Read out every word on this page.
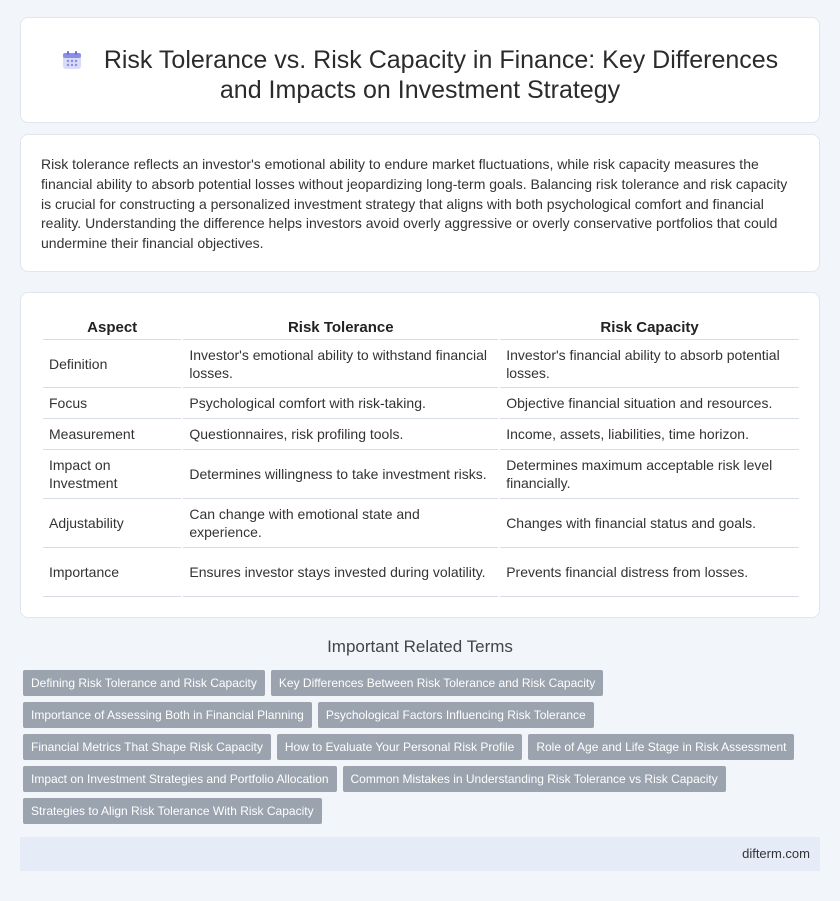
Risk Tolerance vs. Risk Capacity in Finance: Key Differences and Impacts on Investment Strategy

Risk tolerance reflects an investor's emotional ability to endure market fluctuations, while risk capacity measures the financial ability to absorb potential losses without jeopardizing long-term goals. Balancing risk tolerance and risk capacity is crucial for constructing a personalized investment strategy that aligns with both psychological comfort and financial reality. Understanding the difference helps investors avoid overly aggressive or overly conservative portfolios that could undermine their financial objectives.

Aspect	Risk Tolerance	Risk Capacity
Definition	Investor's emotional ability to withstand financial losses.	Investor's financial ability to absorb potential losses.
Focus	Psychological comfort with risk-taking.	Objective financial situation and resources.
Measurement	Questionnaires, risk profiling tools.	Income, assets, liabilities, time horizon.
Impact on Investment	Determines willingness to take investment risks.	Determines maximum acceptable risk level financially.
Adjustability	Can change with emotional state and experience.	Changes with financial status and goals.
Importance	Ensures investor stays invested during volatility.	Prevents financial distress from losses.
Important Related Terms
Defining Risk Tolerance and Risk Capacity	Key Differences Between Risk Tolerance and Risk Capacity
Importance of Assessing Both in Financial Planning	Psychological Factors Influencing Risk Tolerance
Financial Metrics That Shape Risk Capacity	How to Evaluate Your Personal Risk Profile	Role of Age and Life Stage in Risk Assessment
Impact on Investment Strategies and Portfolio Allocation	Common Mistakes in Understanding Risk Tolerance vs Risk Capacity
Strategies to Align Risk Tolerance With Risk Capacity
difterm.com
